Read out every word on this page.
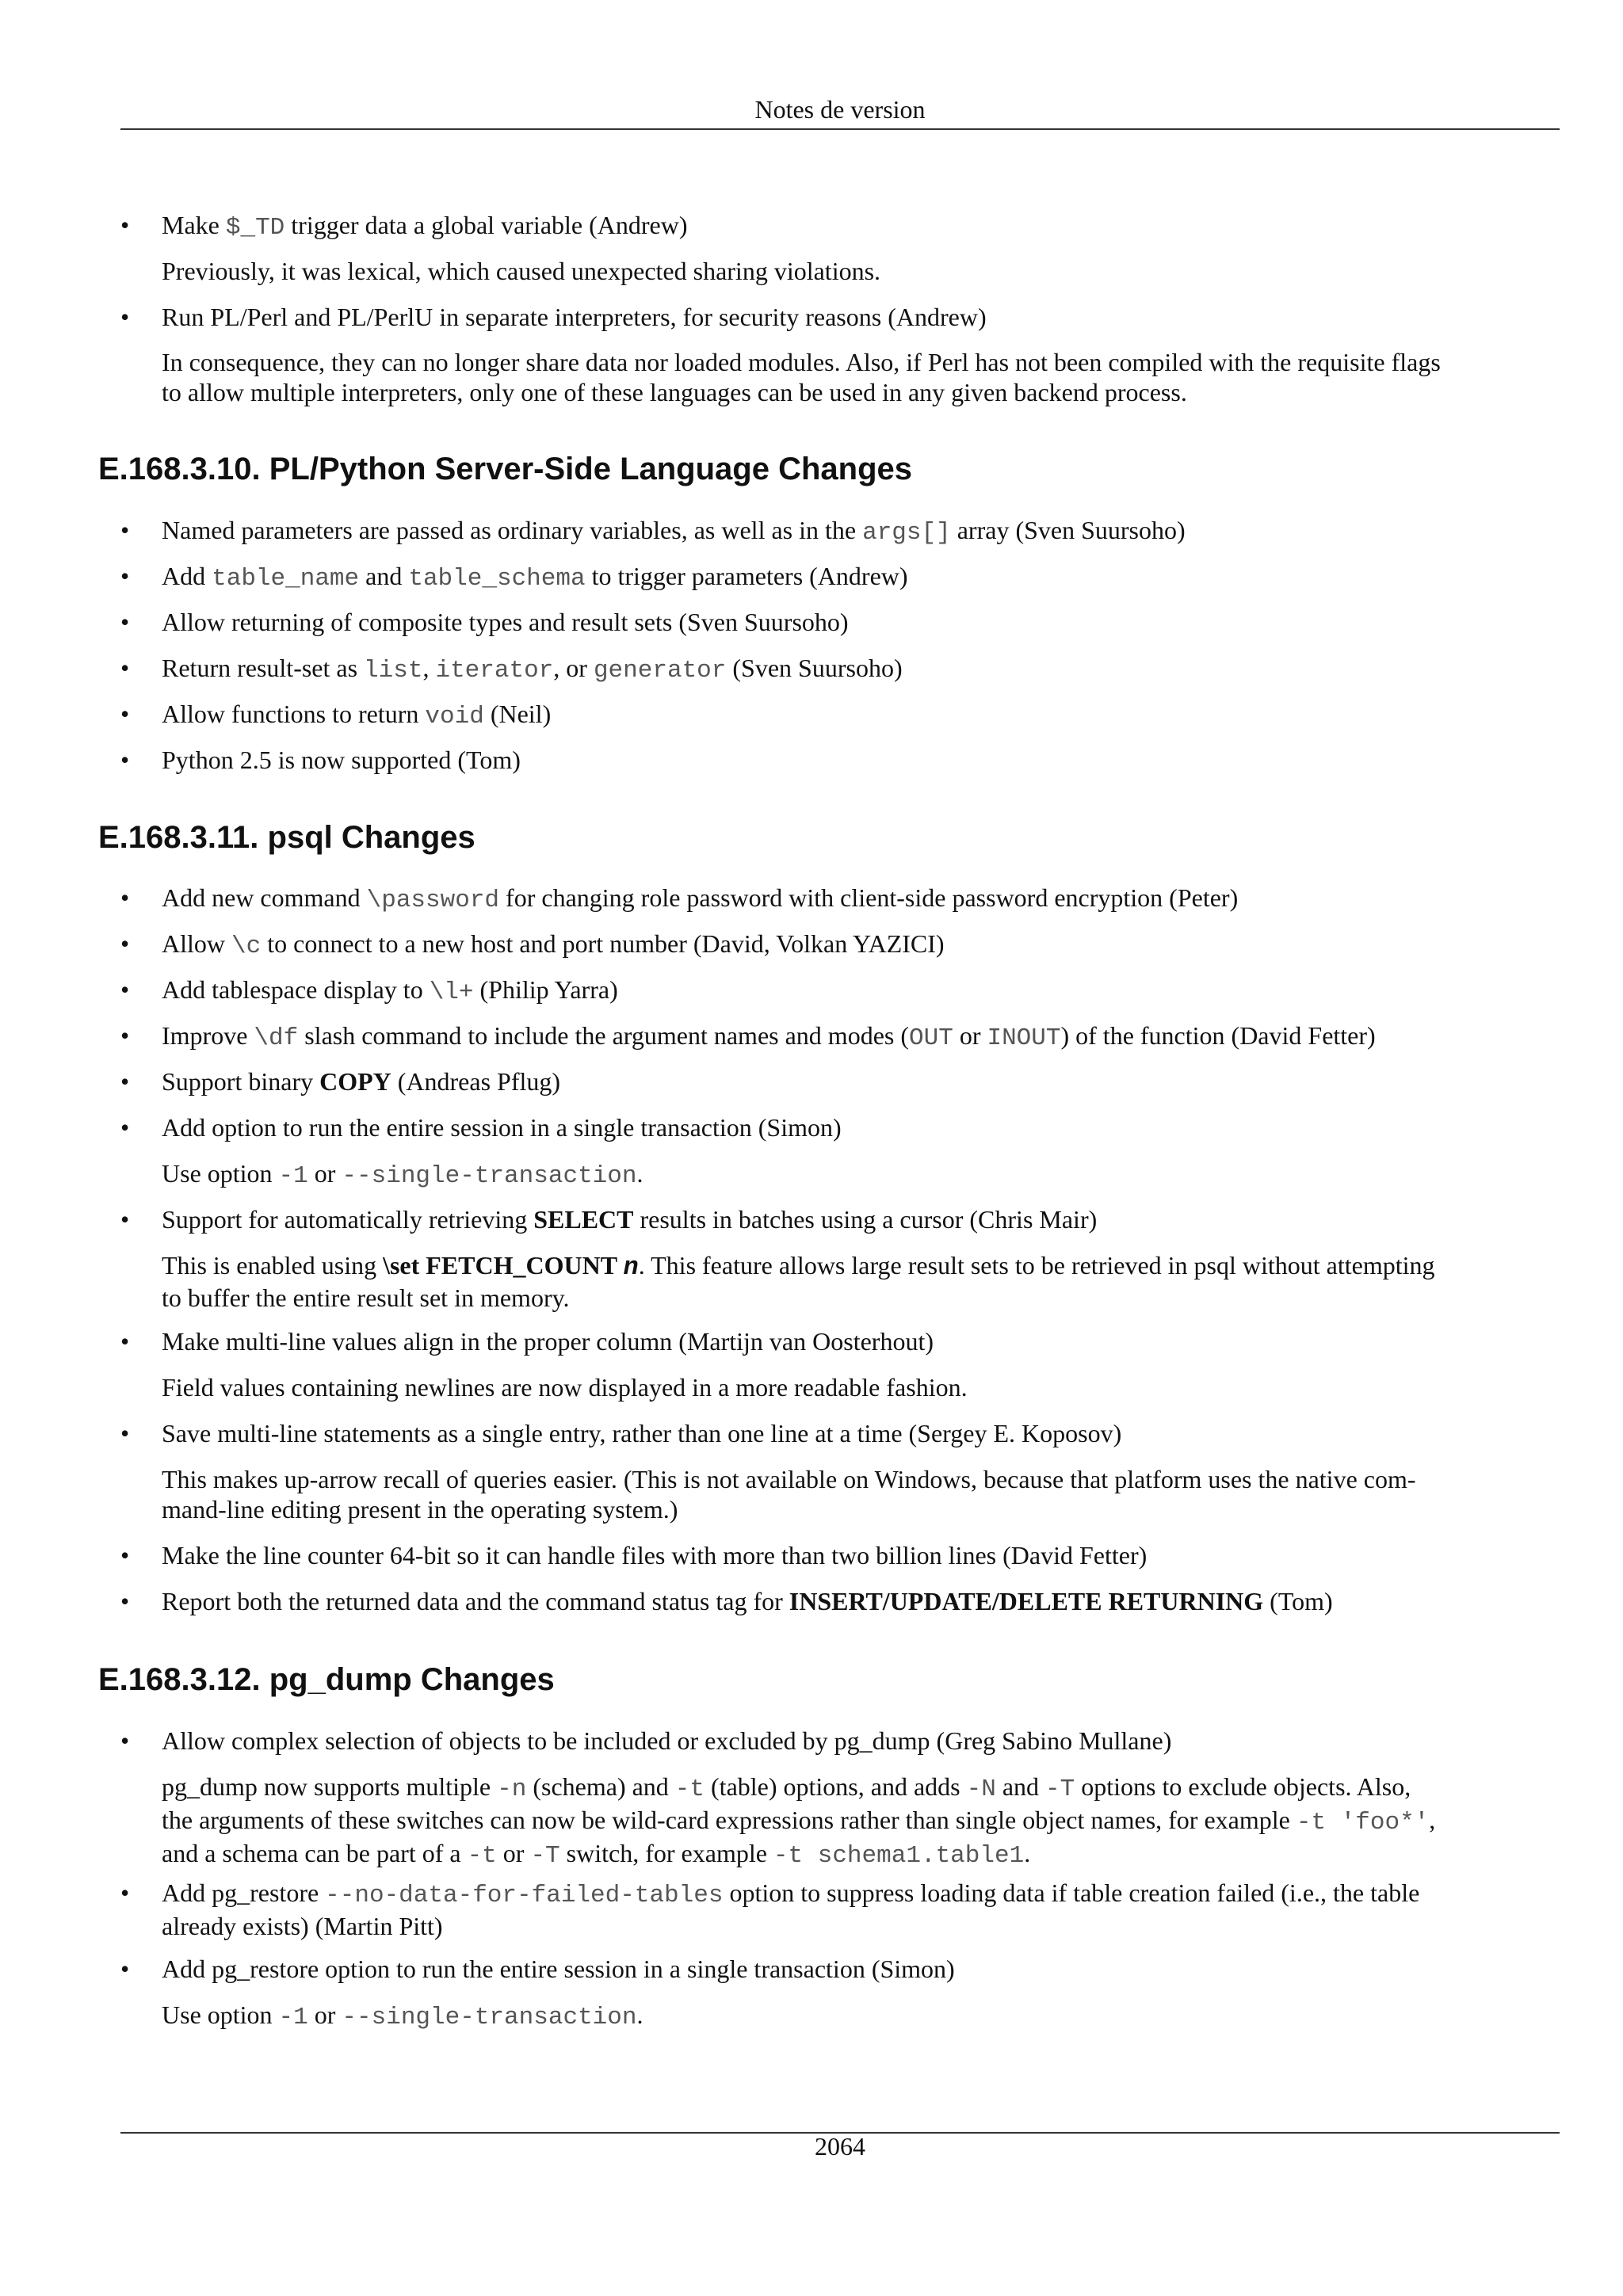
Notes de version
• Make $_TD trigger data a global variable (Andrew)
Previously, it was lexical, which caused unexpected sharing violations.
• Run PL/Perl and PL/PerlU in separate interpreters, for security reasons (Andrew)
In consequence, they can no longer share data nor loaded modules. Also, if Perl has not been compiled with the requisite flags
to allow multiple interpreters, only one of these languages can be used in any given backend process.
E.168.3.10. PL/Python Server-Side Language Changes
• Named parameters are passed as ordinary variables, as well as in the args[] array (Sven Suursoho)
• Add table_name and table_schema to trigger parameters (Andrew)
• Allow returning of composite types and result sets (Sven Suursoho)
• Return result-set as list, iterator, or generator (Sven Suursoho)
• Allow functions to return void (Neil)
• Python 2.5 is now supported (Tom)
E.168.3.11. psql Changes
• Add new command \password for changing role password with client-side password encryption (Peter)
• Allow \c to connect to a new host and port number (David, Volkan YAZICI)
• Add tablespace display to \l+ (Philip Yarra)
• Improve \df slash command to include the argument names and modes (OUT or INOUT) of the function (David Fetter)
• Support binary COPY (Andreas Pflug)
• Add option to run the entire session in a single transaction (Simon)
Use option -1 or --single-transaction.
• Support for automatically retrieving SELECT results in batches using a cursor (Chris Mair)
This is enabled using \set FETCH_COUNT n. This feature allows large result sets to be retrieved in psql without attempting
to buffer the entire result set in memory.
• Make multi-line values align in the proper column (Martijn van Oosterhout)
Field values containing newlines are now displayed in a more readable fashion.
• Save multi-line statements as a single entry, rather than one line at a time (Sergey E. Koposov)
This makes up-arrow recall of queries easier. (This is not available on Windows, because that platform uses the native com-
mand-line editing present in the operating system.)
• Make the line counter 64-bit so it can handle files with more than two billion lines (David Fetter)
• Report both the returned data and the command status tag for INSERT/UPDATE/DELETE RETURNING (Tom)
E.168.3.12. pg_dump Changes
• Allow complex selection of objects to be included or excluded by pg_dump (Greg Sabino Mullane)
pg_dump now supports multiple -n (schema) and -t (table) options, and adds -N and -T options to exclude objects. Also,
the arguments of these switches can now be wild-card expressions rather than single object names, for example -t 'foo*',
and a schema can be part of a -t or -T switch, for example -t schema1.table1.
• Add pg_restore --no-data-for-failed-tables option to suppress loading data if table creation failed (i.e., the table
already exists) (Martin Pitt)
• Add pg_restore option to run the entire session in a single transaction (Simon)
Use option -1 or --single-transaction.
2064
